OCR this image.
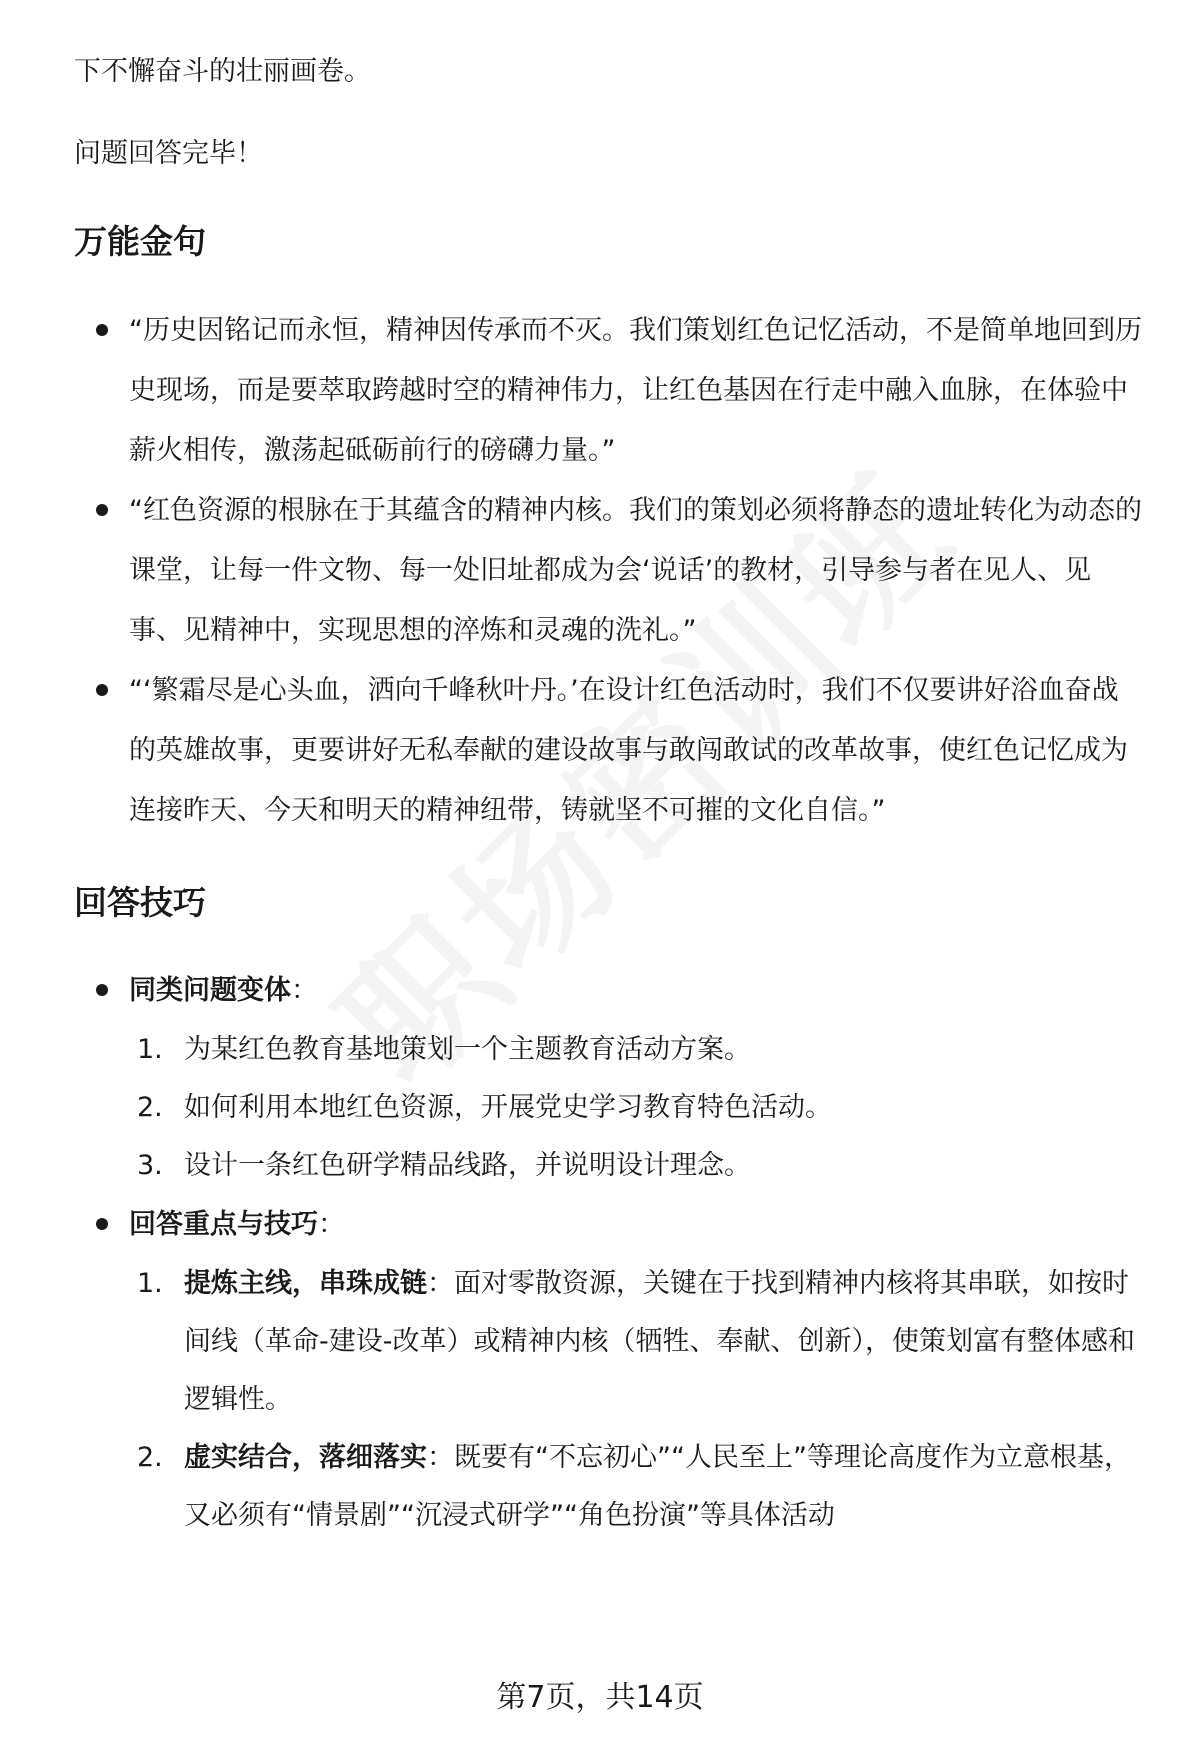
下不懈奋斗的壮丽画卷。

问题回答完毕！

万能金句
“历史因铭记而永恒，精神因传承而不灭。我们策划红色记忆活动，不是简单地回到历史现场，而是要萃取跨越时空的精神伟力，让红色基因在行走中融入血脉，在体验中薪火相传，激荡起砥砺前行的磅礴力量。”
“红色资源的根脉在于其蕴含的精神内核。我们的策划必须将静态的遗址转化为动态的课堂，让每一件文物、每一处旧址都成为会‘说话’的教材，引导参与者在见人、见事、见精神中，实现思想的淬炼和灵魂的洗礼。”
“‘繁霜尽是心头血，洒向千峰秋叶丹。’在设计红色活动时，我们不仅要讲好浴血奋战的英雄故事，更要讲好无私奉献的建设故事与敢闯敢试的改革故事，使红色记忆成为连接昨天、今天和明天的精神纽带，铸就坚不可摧的文化自信。”
回答技巧
同类问题变体：
1. 为某红色教育基地策划一个主题教育活动方案。
2. 如何利用本地红色资源，开展党史学习教育特色活动。
3. 设计一条红色研学精品线路，并说明设计理念。
回答重点与技巧：
1. 提炼主线，串珠成链：面对零散资源，关键在于找到精神内核将其串联，如按时间线（革命-建设-改革）或精神内核（牺牲、奉献、创新），使策划富有整体感和逻辑性。
2. 虚实结合，落细落实：既要有“不忘初心”“人民至上”等理论高度作为立意根基，又必须有“情景剧”“沉浸式研学”“角色扮演”等具体活动
第7页，共14页
